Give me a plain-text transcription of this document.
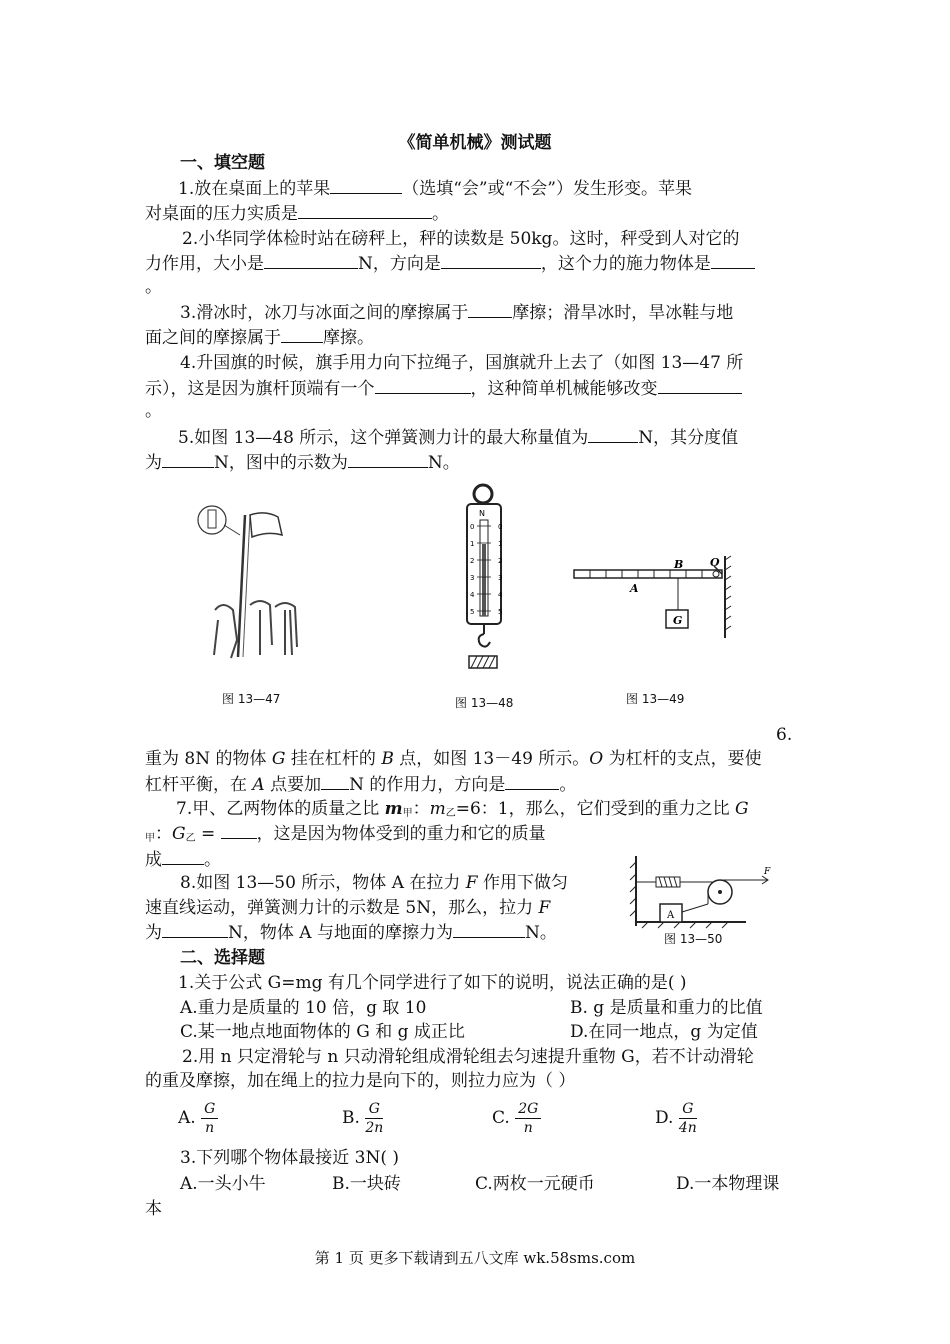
《简单机械》测试题
一、填空题
1.放在桌面上的苹果	（选填“会”或“不会”）发生形变。苹果
对桌面的压力实质是	。
2.小华同学体检时站在磅秤上，秤的读数是 50kg。这时，秤受到人对它的
力作用，大小是	N，方向是	，这个力的施力物体是
。
3.滑冰时，冰刀与冰面之间的摩擦属于	摩擦；滑旱冰时，旱冰鞋与地
面之间的摩擦属于 摩擦。
4.升国旗的时候，旗手用力向下拉绳子，国旗就升上去了（如图 13—47 所
示），这是因为旗杆顶端有一个	，这种简单机械能够改变
。
5.如图 13—48 所示，这个弹簧测力计的最大称量值为	N，其分度值
为	N，图中的示数为	N。
图 13—47
N
0	0
1	1
2	2
3	3
4	4
5	5
图 13—48
G
B O
A
图 13—49
6.
重为 8N 的物体 G 挂在杠杆的 B 点，如图 13－49 所示。O 为杠杆的支点，要使
杠杆平衡，在 A 点要加 N 的作用力，方向是	。
7.甲、乙两物体的质量之比 $m_甲$：$m_乙=6$：1，那么，它们受到的重力之比 G
$_甲$：$G_乙$ = ，这是因为物体受到的重力和它的质量
成 。
8.如图 13—50 所示，物体 A 在拉力 F 作用下做匀
速直线运动，弹簧测力计的示数是 5N，那么，拉力 F
为	N，物体 A 与地面的摩擦力为	N。
F
A
图 13—50
二、选择题
1.关于公式 G=mg 有几个同学进行了如下的说明，说法正确的是( )
A.重力是质量的 10 倍，g 取 10	B. g 是质量和重力的比值
C.某一地点地面物体的 G 和 g 成正比	D.在同一地点，g 为定值
2.用 n 只定滑轮与 n 只动滑轮组成滑轮组去匀速提升重物 G，若不计动滑轮
的重及摩擦，加在绳上的拉力是向下的，则拉力应为（ ）
A. $\frac{G}{n}$	B. $\frac{G}{2n}$	C. $\frac{2G}{n}$	D. $\frac{G}{4n}$
3.下列哪个物体最接近 3N( )
A.一头小牛	B.一块砖	C.两枚一元硬币	D.一本物理课
本
第 1 页 更多下载请到五八文库 wk.58sms.com
